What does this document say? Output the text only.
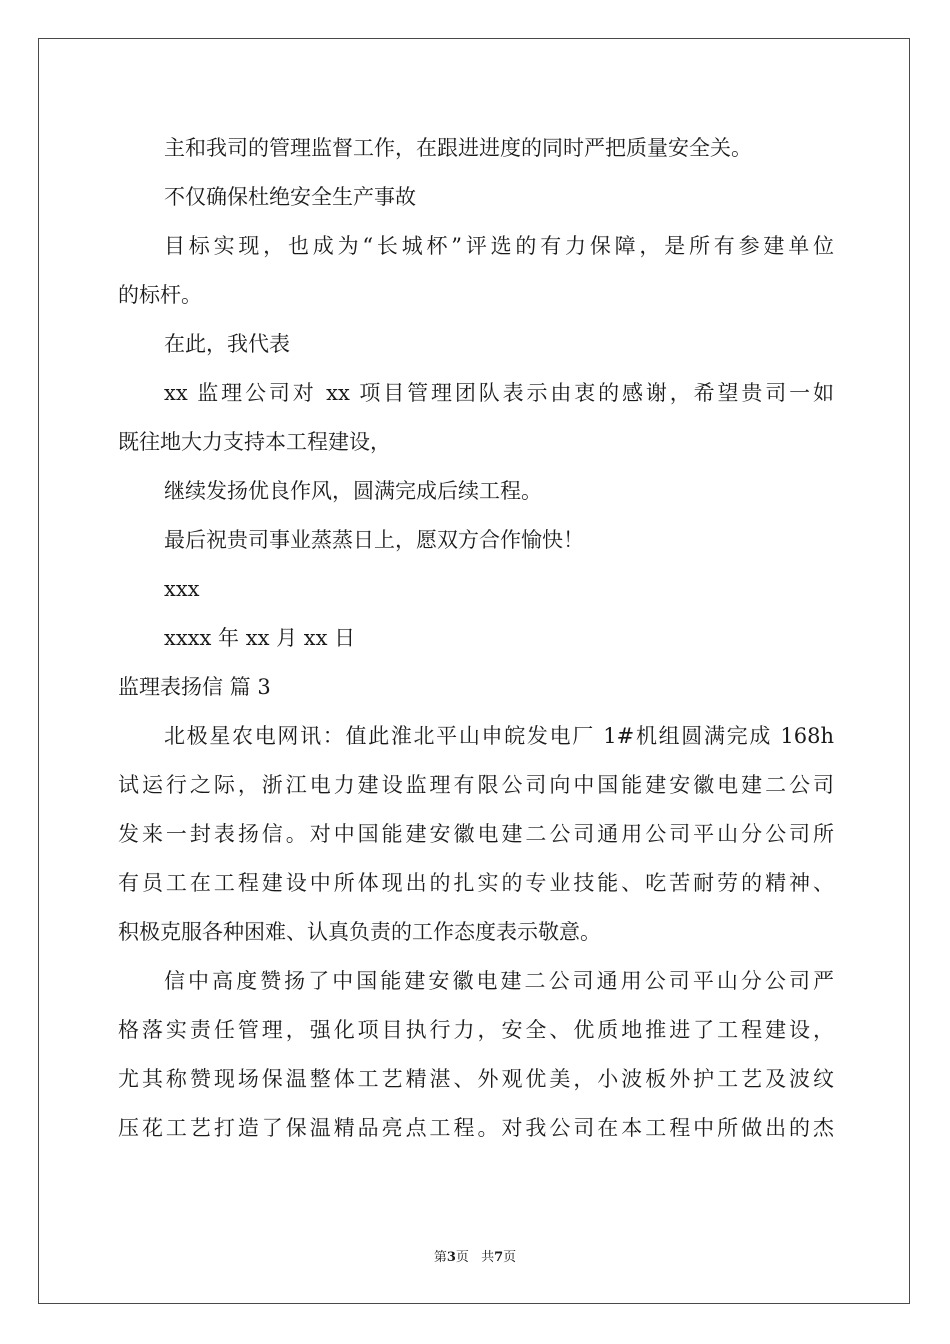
主和我司的管理监督工作，在跟进进度的同时严把质量安全关。
不仅确保杜绝安全生产事故
目标实现，也成为“长城杯”评选的有力保障，是所有参建单位
的标杆。
在此，我代表
xx 监理公司对 xx 项目管理团队表示由衷的感谢，希望贵司一如
既往地大力支持本工程建设，
继续发扬优良作风，圆满完成后续工程。
最后祝贵司事业蒸蒸日上，愿双方合作愉快！
xxx
xxxx 年 xx 月 xx 日
监理表扬信 篇 3
北极星农电网讯：值此淮北平山申皖发电厂 1#机组圆满完成 168h
试运行之际，浙江电力建设监理有限公司向中国能建安徽电建二公司
发来一封表扬信。对中国能建安徽电建二公司通用公司平山分公司所
有员工在工程建设中所体现出的扎实的专业技能、吃苦耐劳的精神、
积极克服各种困难、认真负责的工作态度表示敬意。
信中高度赞扬了中国能建安徽电建二公司通用公司平山分公司严
格落实责任管理，强化项目执行力，安全、优质地推进了工程建设，
尤其称赞现场保温整体工艺精湛、外观优美，小波板外护工艺及波纹
压花工艺打造了保温精品亮点工程。对我公司在本工程中所做出的杰
第3页 共7页
